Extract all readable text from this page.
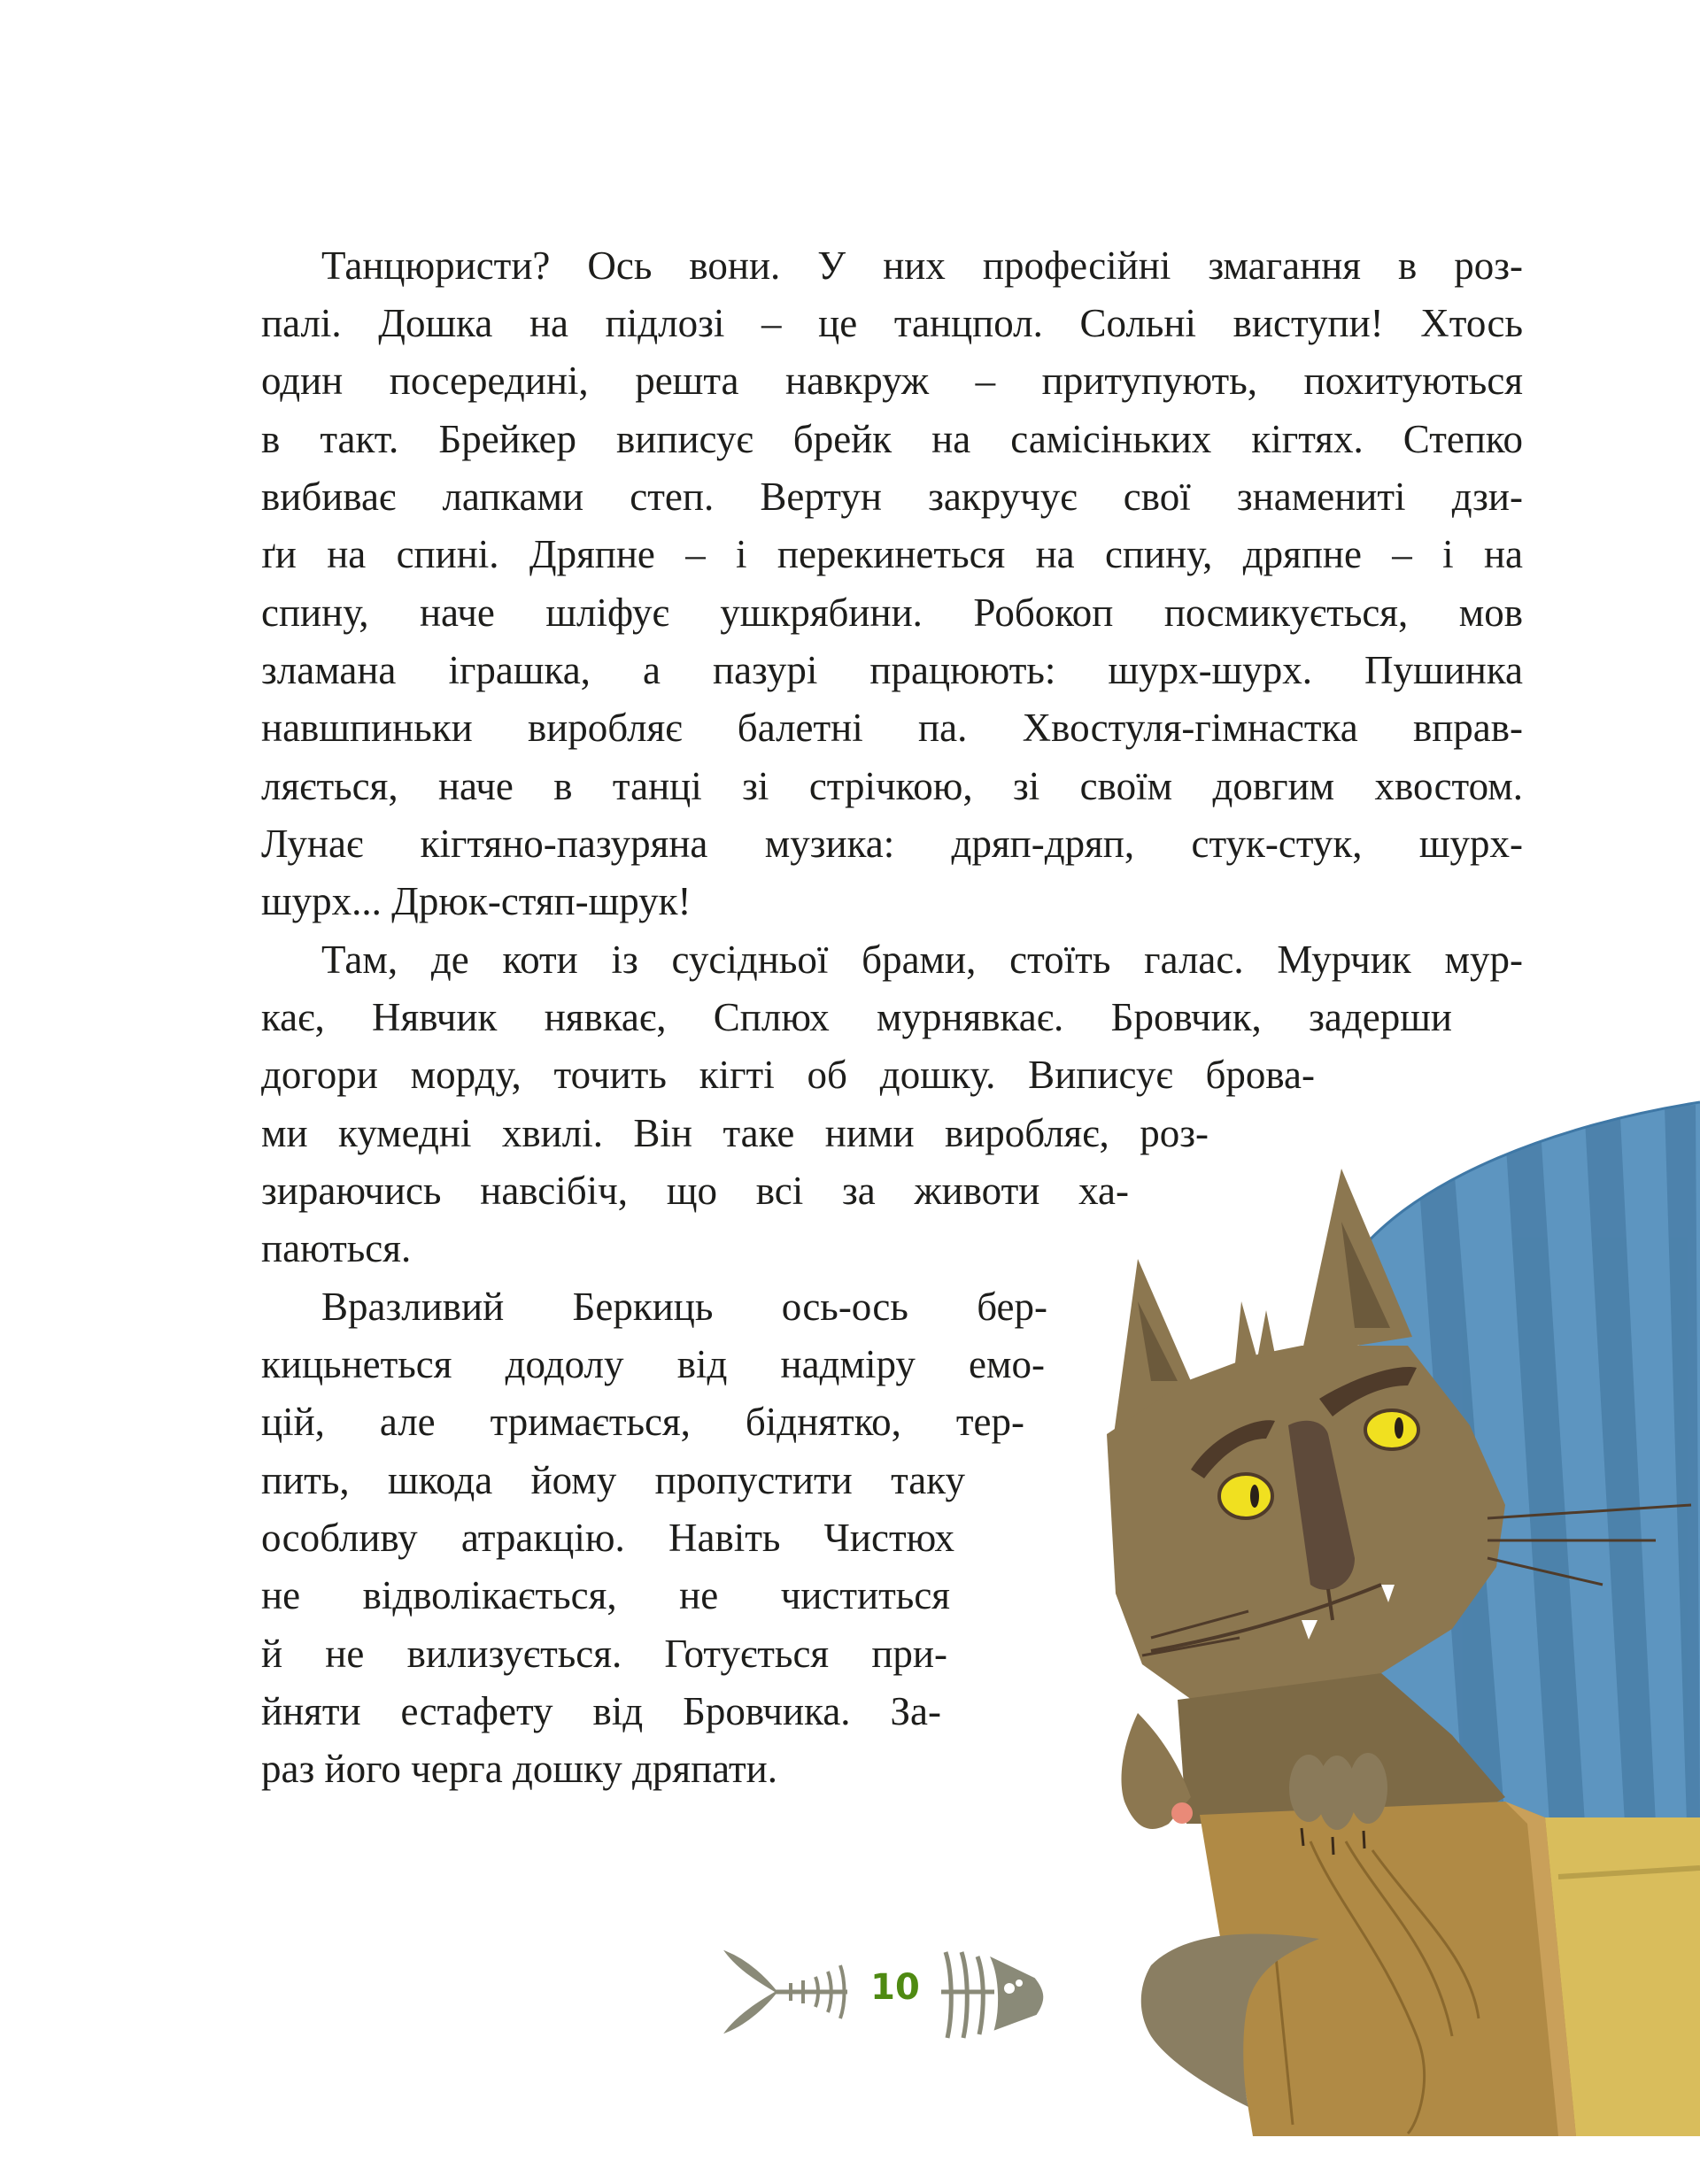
Танцюристи? Ось вони. У них професійні змагання в роз-
палі. Дошка на підлозі – це танцпол. Сольні виступи! Хтось
один посередині, решта навкруж – притупують, похитуються
в такт. Брейкер виписує брейк на самісіньких кігтях. Степко
вибиває лапками степ. Вертун закручує свої знамениті дзи-
ґи на спині. Дряпне – і перекинеться на спину, дряпне – і на
спину, наче шліфує ушкрябини. Робокоп посмикується, мов
зламана іграшка, а пазурі працюють: шурх-шурх. Пушинка
навшпиньки виробляє балетні па. Хвостуля-гімнастка вправ-
ляється, наче в танці зі стрічкою, зі своїм довгим хвостом.
Лунає кігтяно-пазуряна музика: дряп-дряп, стук-стук, шурх-
шурх... Дрюк-стяп-шрук!
Там, де коти із сусідньої брами, стоїть галас. Мурчик мур-
кає, Нявчик нявкає, Сплюх мурнявкає. Бровчик, задерши
догори морду, точить кігті об дошку. Виписує брова-
ми кумедні хвилі. Він таке ними виробляє, роз-
зираючись навсібіч, що всі за животи ха-
паються.
Вразливий Беркиць ось-ось бер-
кицьнеться додолу від надміру емо-
цій, але тримається, біднятко, тер-
пить, шкода йому пропустити таку
особливу атракцію. Навіть Чистюх
не відволікається, не чиститься
й не вилизується. Готується при-
йняти естафету від Бровчика. За-
раз його черга дошку дряпати.
10
